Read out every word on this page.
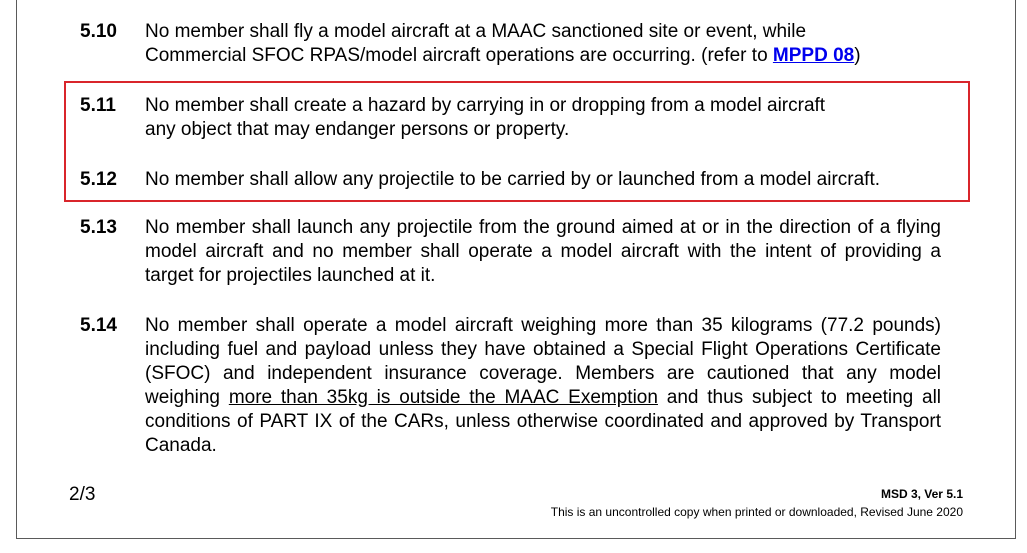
5.10 No member shall fly a model aircraft at a MAAC sanctioned site or event, while
Commercial SFOC RPAS/model aircraft operations are occurring. (refer to MPPD 08)
5.11 No member shall create a hazard by carrying in or dropping from a model aircraft
any object that may endanger persons or property.
5.12 No member shall allow any projectile to be carried by or launched from a model aircraft.
5.13 No member shall launch any projectile from the ground aimed at or in the direction of a flying model aircraft and no member shall operate a model aircraft with the intent of providing a target for projectiles launched at it.
5.14 No member shall operate a model aircraft weighing more than 35 kilograms (77.2 pounds) including fuel and payload unless they have obtained a Special Flight Operations Certificate (SFOC) and independent insurance coverage. Members are cautioned that any model weighing more than 35kg is outside the MAAC Exemption and thus subject to meeting all conditions of PART IX of the CARs, unless otherwise coordinated and approved by Transport Canada.
2/3	MSD 3, Ver 5.1
This is an uncontrolled copy when printed or downloaded, Revised June 2020
